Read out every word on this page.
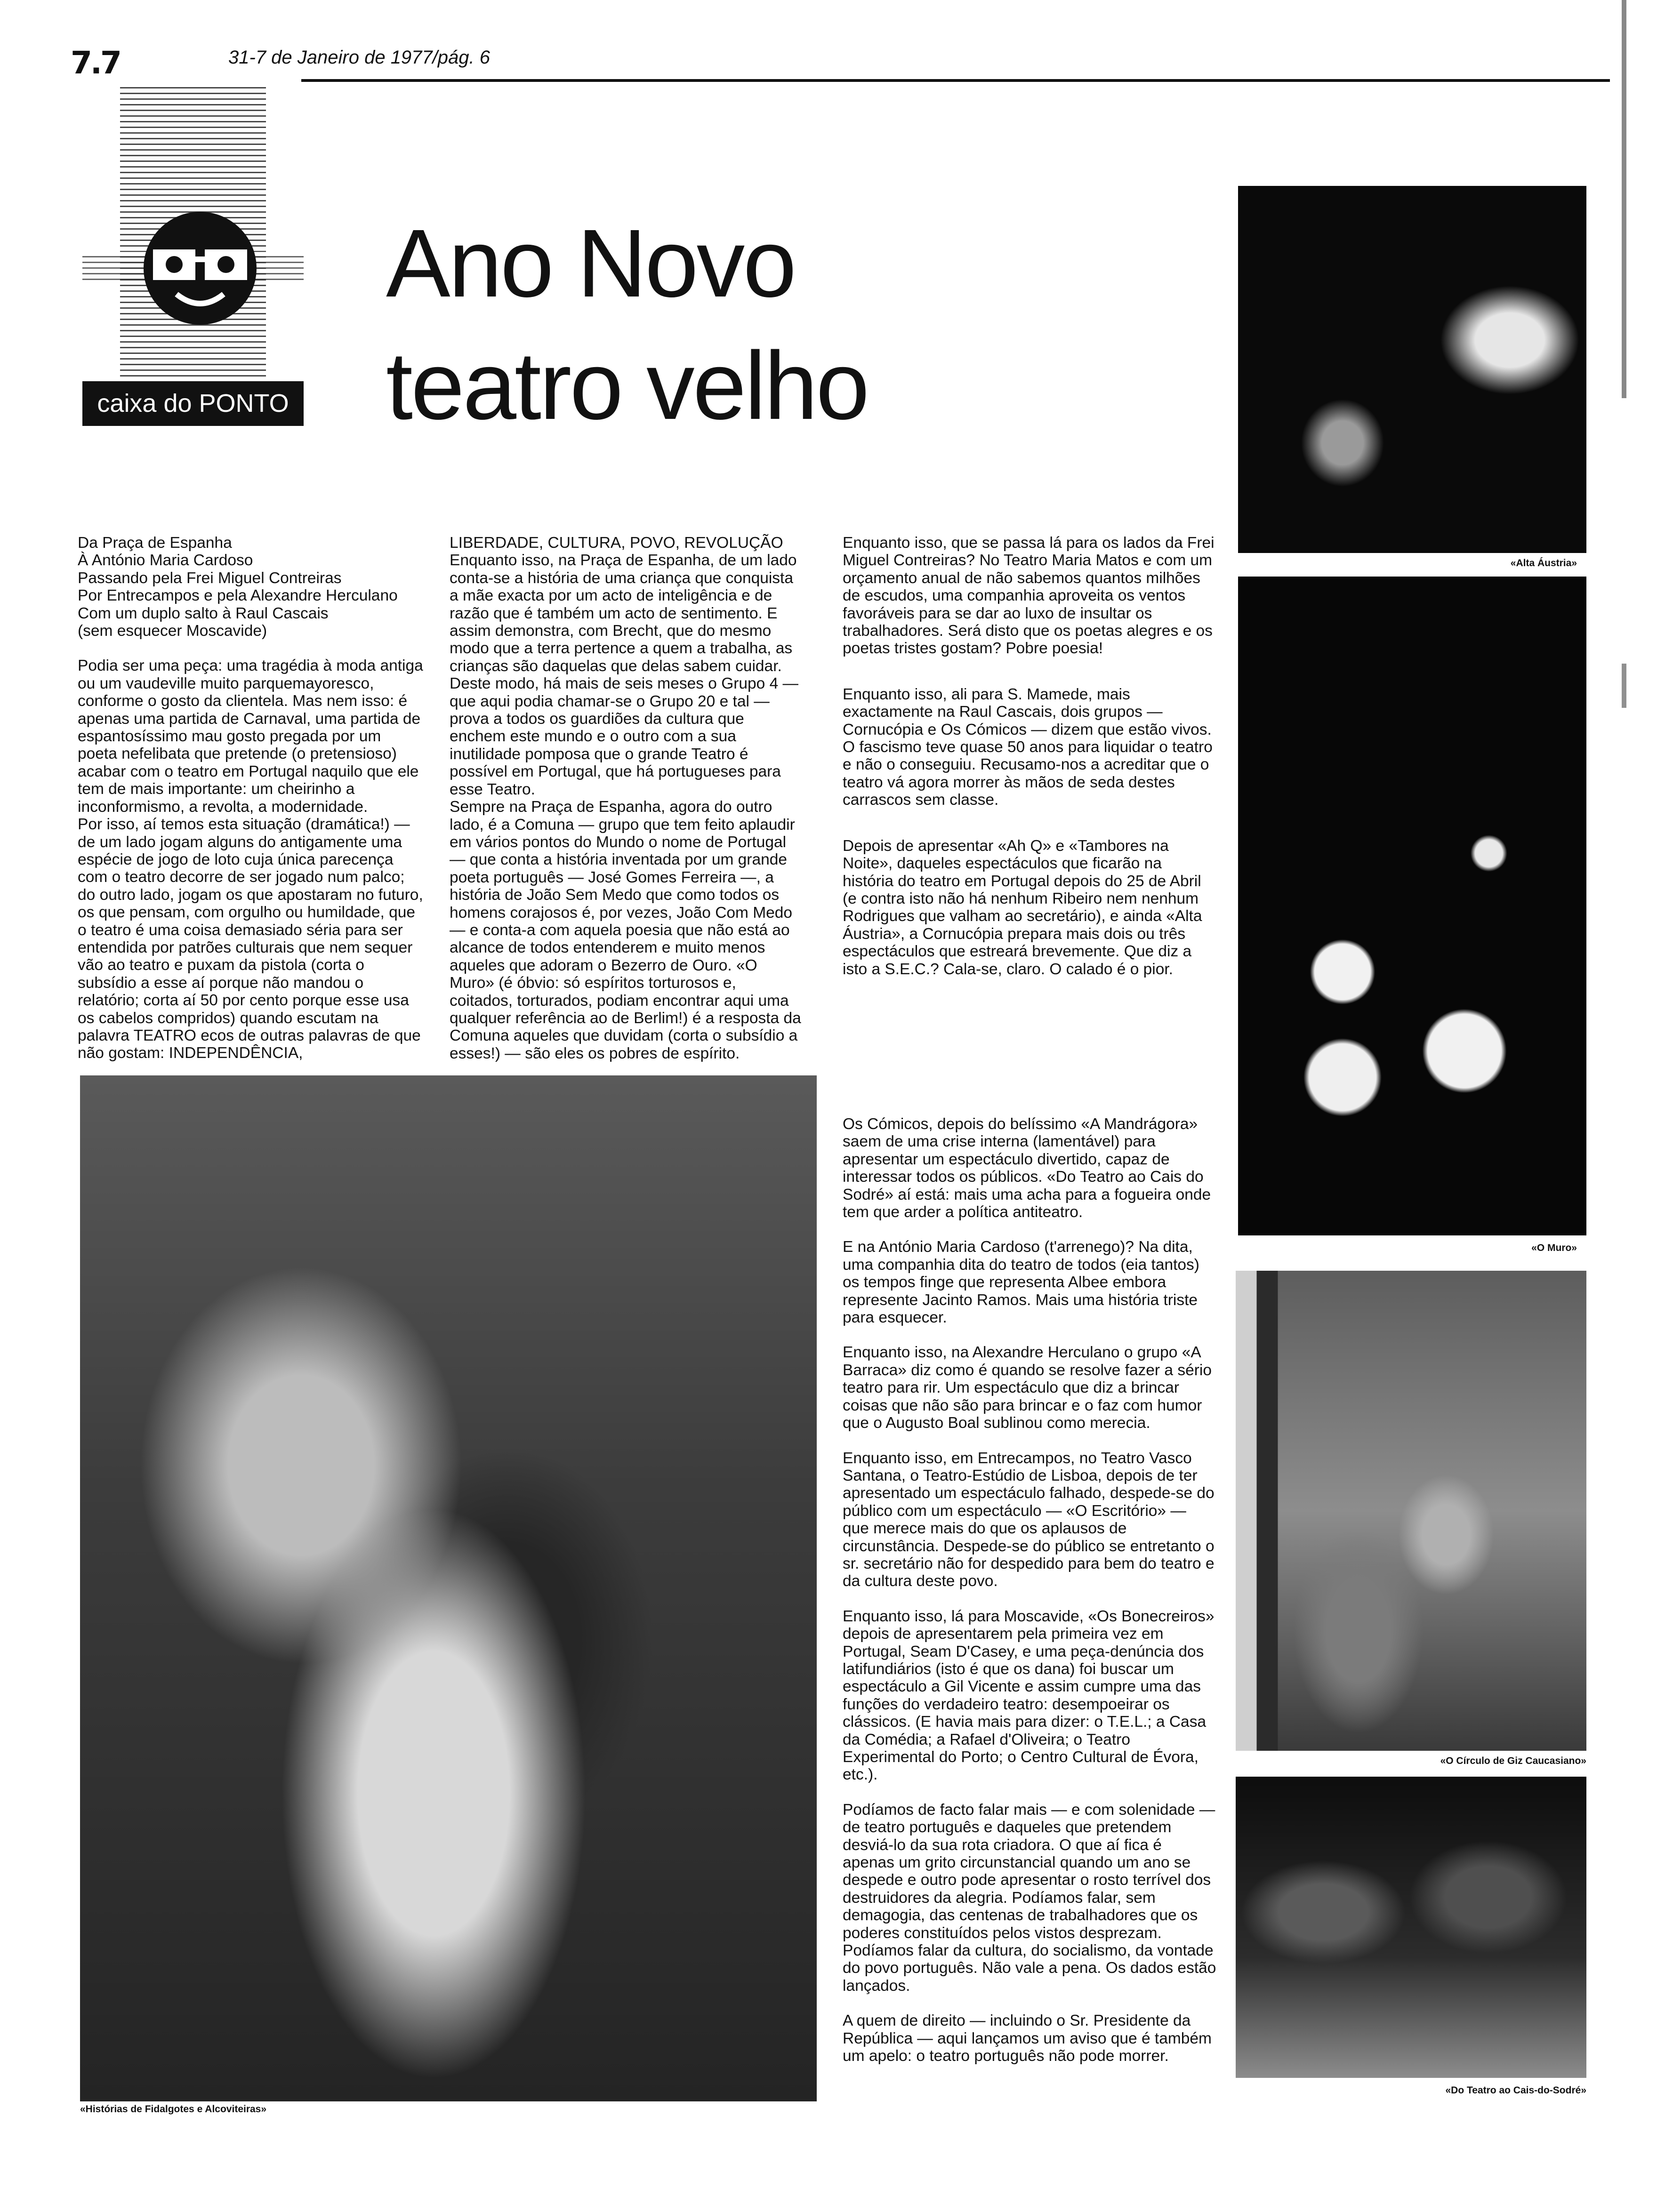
7.7	31-7 de Janeiro de 1977/pág. 6
caixa do PONTO
Ano Novo
teatro velho

Da Praça de Espanha
À António Maria Cardoso
Passando pela Frei Miguel Contreiras
Por Entrecampos e pela Alexandre Herculano
Com um duplo salto à Raul Cascais
(sem esquecer Moscavide)

Podia ser uma peça: uma tragédia à moda antiga ou um vaudeville muito parquemayoresco, conforme o gosto da clientela. Mas nem isso: é apenas uma partida de Carnaval, uma partida de espantosíssimo mau gosto pregada por um poeta nefelibata que pretende (o pretensioso) acabar com o teatro em Portugal naquilo que ele tem de mais importante: um cheirinho a inconformismo, a revolta, a modernidade.

Por isso, aí temos esta situação (dramática!) — de um lado jogam alguns do antigamente uma espécie de jogo de loto cuja única parecença com o teatro decorre de ser jogado num palco; do outro lado, jogam os que apostaram no futuro, os que pensam, com orgulho ou humildade, que o teatro é uma coisa demasiado séria para ser entendida por patrões culturais que nem sequer vão ao teatro e puxam da pistola (corta o subsídio a esse aí porque não mandou o relatório; corta aí 50 por cento porque esse usa os cabelos compridos) quando escutam na palavra TEATRO ecos de outras palavras de que não gostam: INDEPENDÊNCIA,

LIBERDADE, CULTURA, POVO, REVOLUÇÃO

Enquanto isso, na Praça de Espanha, de um lado conta-se a história de uma criança que conquista a mãe exacta por um acto de inteligência e de razão que é também um acto de sentimento. E assim demonstra, com Brecht, que do mesmo modo que a terra pertence a quem a trabalha, as crianças são daquelas que delas sabem cuidar. Deste modo, há mais de seis meses o Grupo 4 — que aqui podia chamar-se o Grupo 20 e tal — prova a todos os guardiões da cultura que enchem este mundo e o outro com a sua inutilidade pomposa que o grande Teatro é possível em Portugal, que há portugueses para esse Teatro.

Sempre na Praça de Espanha, agora do outro lado, é a Comuna — grupo que tem feito aplaudir em vários pontos do Mundo o nome de Portugal — que conta a história inventada por um grande poeta português — José Gomes Ferreira —, a história de João Sem Medo que como todos os homens corajosos é, por vezes, João Com Medo — e conta-a com aquela poesia que não está ao alcance de todos entenderem e muito menos aqueles que adoram o Bezerro de Ouro. «O Muro» (é óbvio: só espíritos torturosos e, coitados, torturados, podiam encontrar aqui uma qualquer referência ao de Berlim!) é a resposta da Comuna aqueles que duvidam (corta o subsídio a esses!) — são eles os pobres de espírito.

Enquanto isso, que se passa lá para os lados da Frei Miguel Contreiras? No Teatro Maria Matos e com um orçamento anual de não sabemos quantos milhões de escudos, uma companhia aproveita os ventos favoráveis para se dar ao luxo de insultar os trabalhadores. Será disto que os poetas alegres e os poetas tristes gostam? Pobre poesia!

Enquanto isso, ali para S. Mamede, mais exactamente na Raul Cascais, dois grupos — Cornucópia e Os Cómicos — dizem que estão vivos. O fascismo teve quase 50 anos para liquidar o teatro e não o conseguiu. Recusamo-nos a acreditar que o teatro vá agora morrer às mãos de seda destes carrascos sem classe.

Depois de apresentar «Ah Q» e «Tambores na Noite», daqueles espectáculos que ficarão na história do teatro em Portugal depois do 25 de Abril (e contra isto não há nenhum Ribeiro nem nenhum Rodrigues que valham ao secretário), e ainda «Alta Áustria», a Cornucópia prepara mais dois ou três espectáculos que estreará brevemente. Que diz a isto a S.E.C.? Cala-se, claro. O calado é o pior.

Os Cómicos, depois do belíssimo «A Mandrágora» saem de uma crise interna (lamentável) para apresentar um espectáculo divertido, capaz de interessar todos os públicos. «Do Teatro ao Cais do Sodré» aí está: mais uma acha para a fogueira onde tem que arder a política antiteatro.

E na António Maria Cardoso (t'arrenego)? Na dita, uma companhia dita do teatro de todos (eia tantos) os tempos finge que representa Albee embora represente Jacinto Ramos. Mais uma história triste para esquecer.

Enquanto isso, na Alexandre Herculano o grupo «A Barraca» diz como é quando se resolve fazer a sério teatro para rir. Um espectáculo que diz a brincar coisas que não são para brincar e o faz com humor que o Augusto Boal sublinou como merecia.

Enquanto isso, em Entrecampos, no Teatro Vasco Santana, o Teatro-Estúdio de Lisboa, depois de ter apresentado um espectáculo falhado, despede-se do público com um espectáculo — «O Escritório» — que merece mais do que os aplausos de circunstância. Despede-se do público se entretanto o sr. secretário não for despedido para bem do teatro e da cultura deste povo.

Enquanto isso, lá para Moscavide, «Os Bonecreiros» depois de apresentarem pela primeira vez em Portugal, Seam D'Casey, e uma peça-denúncia dos latifundiários (isto é que os dana) foi buscar um espectáculo a Gil Vicente e assim cumpre uma das funções do verdadeiro teatro: desempoeirar os clássicos. (E havia mais para dizer: o T.E.L.; a Casa da Comédia; a Rafael d'Oliveira; o Teatro Experimental do Porto; o Centro Cultural de Évora, etc.).

Podíamos de facto falar mais — e com solenidade — de teatro português e daqueles que pretendem desviá-lo da sua rota criadora. O que aí fica é apenas um grito circunstancial quando um ano se despede e outro pode apresentar o rosto terrível dos destruidores da alegria. Podíamos falar, sem demagogia, das centenas de trabalhadores que os poderes constituídos pelos vistos desprezam. Podíamos falar da cultura, do socialismo, da vontade do povo português. Não vale a pena. Os dados estão lançados.

A quem de direito — incluindo o Sr. Presidente da República — aqui lançamos um aviso que é também um apelo: o teatro português não pode morrer.

«Histórias de Fidalgotes e Alcoviteiras»
«Alta Áustria»
«O Muro»
«O Círculo de Giz Caucasiano»
«Do Teatro ao Cais-do-Sodré»
